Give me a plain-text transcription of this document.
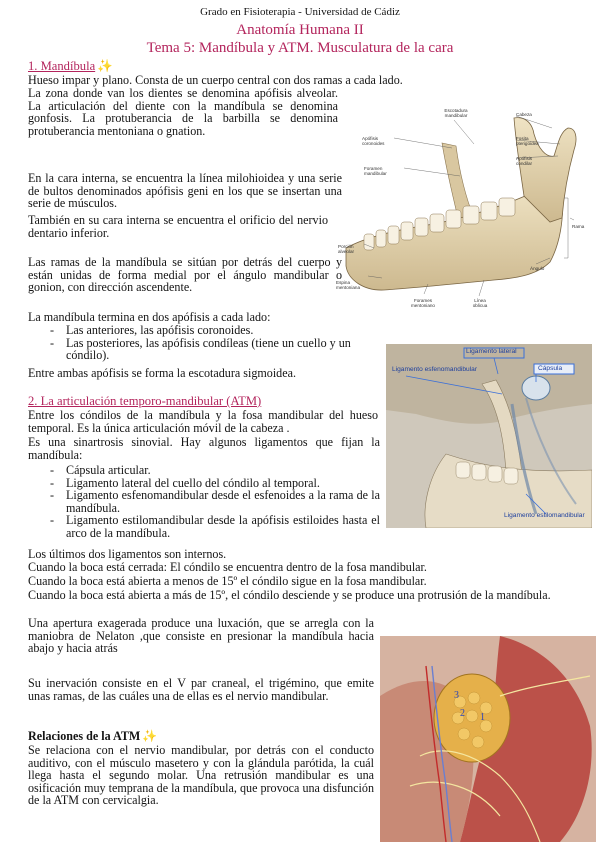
Grado en Fisioterapia - Universidad de Cádiz
Anatomía Humana II
Tema 5: Mandíbula y ATM. Musculatura de la cara
1. Mandíbula ✨

Hueso impar y plano. Consta de un cuerpo central con dos ramas a cada lado.

La zona donde van los dientes se denomina apófisis alveolar. La articulación del diente con la mandíbula se denomina gonfosis. La protuberancia de la barbilla se denomina protuberancia mentoniana o gnation.

En la cara interna, se encuentra la línea milohioidea y una serie de bultos denominados apófisis geni en los que se insertan una serie de músculos.

También en su cara interna se encuentra el orificio del nervio dentario inferior.

Las ramas de la mandíbula se sitúan por detrás del cuerpo y están unidas de forma medial por el ángulo mandibular o gonion, con dirección ascendente.

La mandíbula termina en dos apófisis a cada lado:

- Las anteriores, las apófisis coronoides.
- Las posteriores, las apófisis condíleas (tiene un cuello y un cóndilo).

Entre ambas apófisis se forma la escotadura sigmoidea.

2. La articulación temporo-mandibular (ATM)

Entre los cóndilos de la mandíbula y la fosa mandibular del hueso temporal. Es la única articulación móvil de la cabeza .

Es una sinartrosis sinovial. Hay algunos ligamentos que fijan la mandíbula:

- Cápsula articular.
- Ligamento lateral del cuello del cóndilo al temporal.
- Ligamento esfenomandibular desde el esfenoides a la rama de la mandíbula.
- Ligamento estilomandibular desde la apófisis estiloides hasta el arco de la mandíbula.

Los últimos dos ligamentos son internos.

Cuando la boca está cerrada: El cóndilo se encuentra dentro de la fosa mandibular.

Cuando la boca está abierta a menos de 15º el cóndilo sigue en la fosa mandibular.

Cuando la boca está abierta a más de 15º, el cóndilo desciende y se produce una protrusión de la mandíbula.

Una apertura exagerada produce una luxación, que se arregla con la maniobra de Nelaton ,que consiste en presionar la mandíbula hacia abajo y hacia atrás

Su inervación consiste en el V par craneal, el trigémino, que emite unas ramas, de las cuáles una de ellas es el nervio mandibular.

Relaciones de la ATM ✨

Se relaciona con el nervio mandibular, por detrás con el conducto auditivo, con el músculo masetero y con la glándula parótida, la cuál llega hasta el segundo molar. Una retrusión mandibular es una osificación muy temprana de la mandíbula, que provoca una disfunción de la ATM con cervicalgia.

Escotadura mandibular	Cabeza
Apófisis coronoides
Foramen mandibular
Fosita pterigoidea
Apófisis condilar
Rama
Porción alveolar
Ángulo
Espina mentoniana
Forames mentoniano
Línea oblicua
Ligamento lateral
Ligamento esfenomandibular	Cápsula
Ligamento estilomandibular
2 1
3
